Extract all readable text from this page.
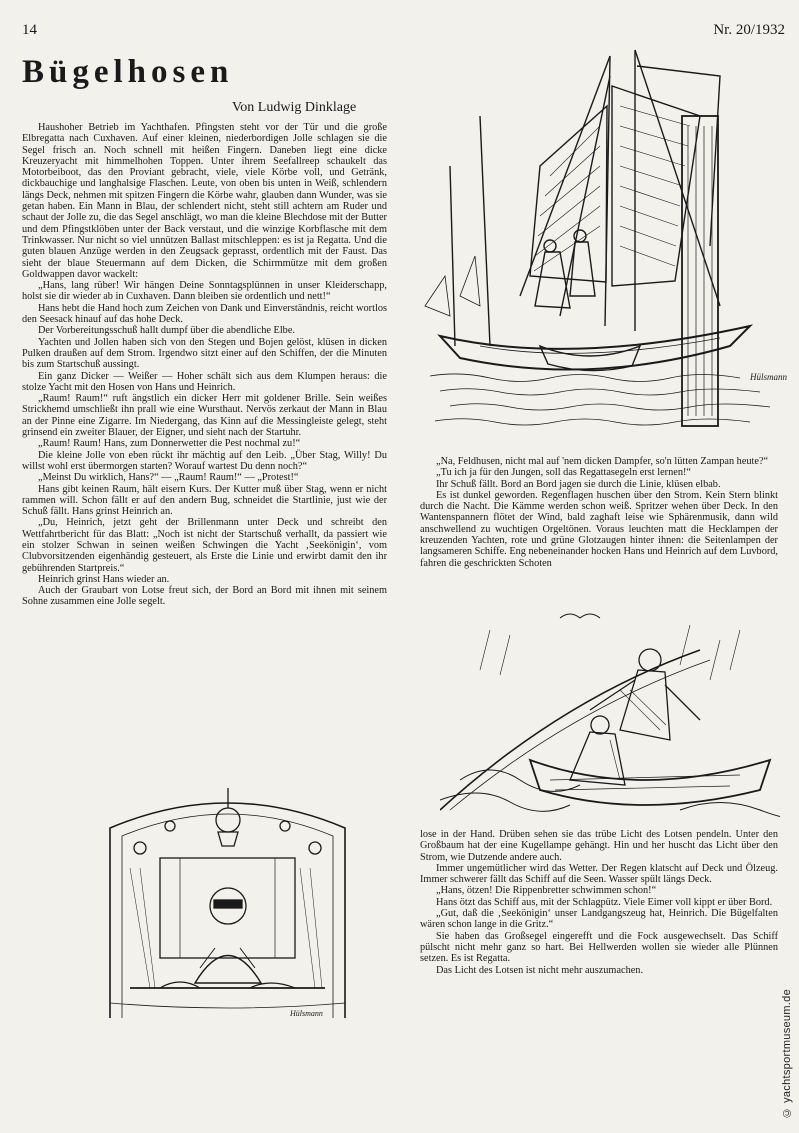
14	Nr. 20/1932
Bügelhosen
Von Ludwig Dinklage

Haushoher Betrieb im Yachthafen. Pfingsten steht vor der Tür und die große Elbregatta nach Cuxhaven. Auf einer kleinen, niederbordigen Jolle schlagen sie die Segel frisch an. Noch schnell mit heißen Fingern. Daneben liegt eine dicke Kreuzeryacht mit himmelhohen Toppen. Unter ihrem Seefallreep schaukelt das Motorbeiboot, das den Proviant gebracht, viele, viele Körbe voll, und Getränk, dickbauchige und langhalsige Flaschen. Leute, von oben bis unten in Weiß, schlendern längs Deck, nehmen mit spitzen Fingern die Körbe wahr, glauben dann Wunder, was sie getan haben. Ein Mann in Blau, der schlendert nicht, steht still achtern am Ruder und schaut der Jolle zu, die das Segel anschlägt, wo man die kleine Blechdose mit der Butter und dem Pfingstklöben unter der Back verstaut, und die winzige Korbflasche mit dem Trinkwasser. Nur nicht so viel unnützen Ballast mitschleppen: es ist ja Regatta. Und die guten blauen Anzüge werden in den Zeugsack geprasst, ordentlich mit der Faust. Das sieht der blaue Steuermann auf dem Dicken, die Schirmmütze mit dem großen Goldwappen davor wackelt:

„Hans, lang rüber! Wir hängen Deine Sonntagsplünnen in unser Kleiderschapp, holst sie dir wieder ab in Cuxhaven. Dann bleiben sie ordentlich und nett!“

Hans hebt die Hand hoch zum Zeichen von Dank und Einverständnis, reicht wortlos den Seesack hinauf auf das hohe Deck.

Der Vorbereitungsschuß hallt dumpf über die abendliche Elbe.

Yachten und Jollen haben sich von den Stegen und Bojen gelöst, klüsen in dicken Pulken draußen auf dem Strom. Irgendwo sitzt einer auf den Schiffen, der die Minuten bis zum Startschuß aussingt.

Ein ganz Dicker — Weißer — Hoher schält sich aus dem Klumpen heraus: die stolze Yacht mit den Hosen von Hans und Heinrich.

„Raum! Raum!“ ruft ängstlich ein dicker Herr mit goldener Brille. Sein weißes Strickhemd umschließt ihn prall wie eine Wursthaut. Nervös zerkaut der Mann in Blau an der Pinne eine Zigarre. Im Niedergang, das Kinn auf die Messingleiste gelegt, steht grinsend ein zweiter Blauer, der Eigner, und sieht nach der Startuhr.

„Raum! Raum! Hans, zum Donnerwetter die Pest nochmal zu!“

Die kleine Jolle von eben rückt ihr mächtig auf den Leib. „Über Stag, Willy! Du willst wohl erst übermorgen starten? Worauf wartest Du denn noch?“

„Meinst Du wirklich, Hans?“ — „Raum! Raum!“ — „Protest!“

Hans gibt keinen Raum, hält eisern Kurs. Der Kutter muß über Stag, wenn er nicht rammen will. Schon fällt er auf den andern Bug, schneidet die Startlinie, just wie der Schuß fällt. Hans grinst Heinrich an.

„Du, Heinrich, jetzt geht der Brillenmann unter Deck und schreibt den Wettfahrtbericht für das Blatt: „Noch ist nicht der Startschuß verhallt, da passiert wie ein stolzer Schwan in seinen weißen Schwingen die Yacht ‚Seekönigin‘, vom Clubvorsitzenden eigenhändig gesteuert, als Erste die Linie und erwirbt damit den ihr gebührenden Startpreis.“

Heinrich grinst Hans wieder an.

Auch der Graubart von Lotse freut sich, der Bord an Bord mit ihnen mit seinem Sohne zusammen eine Jolle segelt.

Hülsmann

„Na, Feldhusen, nicht mal auf 'nem dicken Dampfer, so'n lütten Zampan heute?“

„Tu ich ja für den Jungen, soll das Regattasegeln erst lernen!“

Ihr Schuß fällt. Bord an Bord jagen sie durch die Linie, klüsen elbab.

Es ist dunkel geworden. Regenflagen huschen über den Strom. Kein Stern blinkt durch die Nacht. Die Kämme werden schon weiß. Spritzer wehen über Deck. In den Wantenspannern flötet der Wind, bald zaghaft leise wie Sphärenmusik, dann wild anschwellend zu wuchtigen Orgeltönen. Voraus leuchten matt die Hecklampen der kreuzenden Yachten, rote und grüne Glotzaugen hinter ihnen: die Seitenlampen der langsameren Schiffe. Eng nebeneinander hocken Hans und Heinrich auf dem Luvbord, fahren die geschrickten Schoten

Hülsmann

lose in der Hand. Drüben sehen sie das trübe Licht des Lotsen pendeln. Unter den Großbaum hat der eine Kugellampe gehängt. Hin und her huscht das Licht über den Strom, wie Dutzende andere auch.

Immer ungemütlicher wird das Wetter. Der Regen klatscht auf Deck und Ölzeug. Immer schwerer fällt das Schiff auf die Seen. Wasser spült längs Deck.

„Hans, ötzen! Die Rippenbretter schwimmen schon!“

Hans ötzt das Schiff aus, mit der Schlagpütz. Viele Eimer voll kippt er über Bord.

„Gut, daß die ‚Seekönigin‘ unser Landgangszeug hat, Heinrich. Die Bügelfalten wären schon lange in die Gritz.“

Sie haben das Großsegel eingerefft und die Fock ausgewechselt. Das Schiff pülscht nicht mehr ganz so hart. Bei Hellwerden wollen sie wieder alle Plünnen setzen. Es ist Regatta.

Das Licht des Lotsen ist nicht mehr auszumachen.

© yachtsportmuseum.de
